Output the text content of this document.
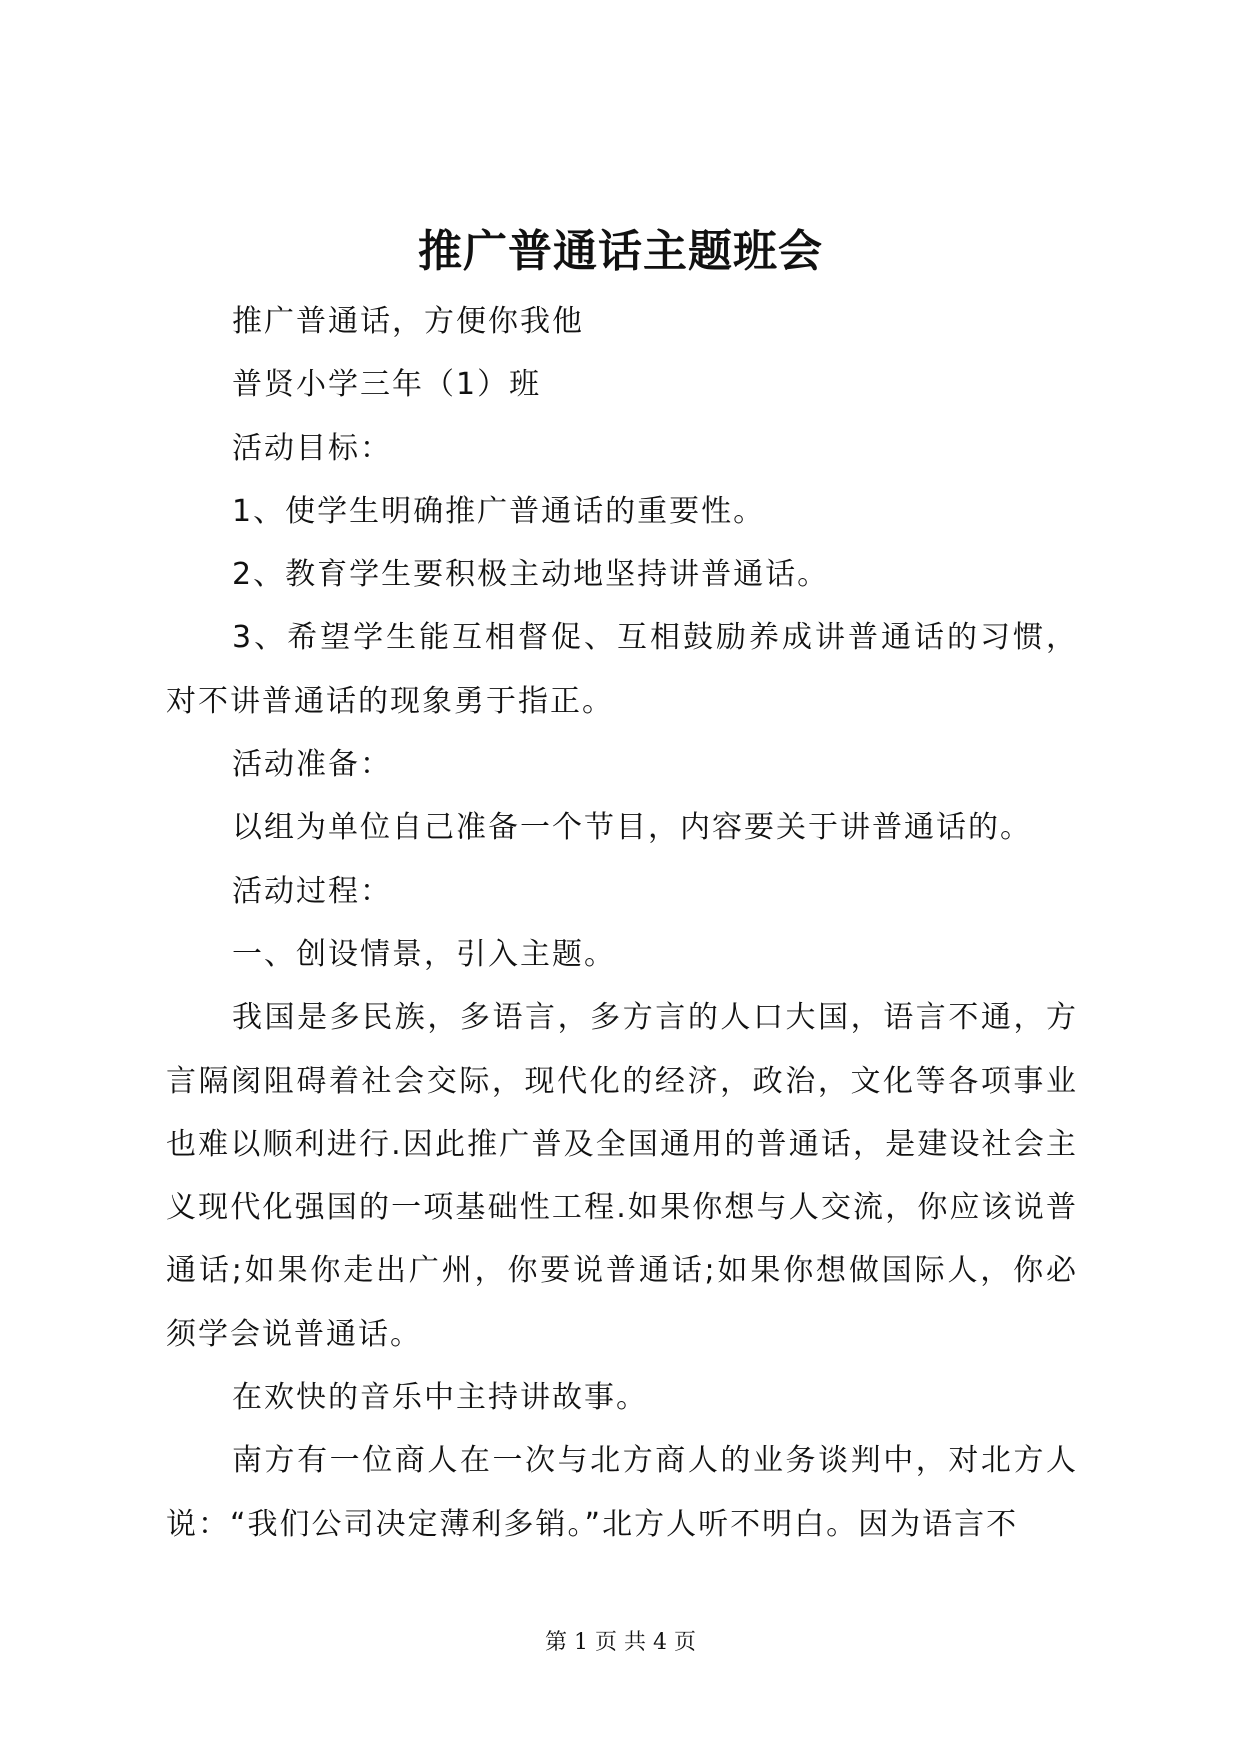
推广普通话主题班会

推广普通话，方便你我他

普贤小学三年（1）班

活动目标：

1、使学生明确推广普通话的重要性。

2、教育学生要积极主动地坚持讲普通话。

3、希望学生能互相督促、互相鼓励养成讲普通话的习惯，对不讲普通话的现象勇于指正。

活动准备：

以组为单位自己准备一个节目，内容要关于讲普通话的。

活动过程：

一、创设情景，引入主题。

我国是多民族，多语言，多方言的人口大国，语言不通，方言隔阂阻碍着社会交际，现代化的经济，政治，文化等各项事业也难以顺利进行.因此推广普及全国通用的普通话，是建设社会主义现代化强国的一项基础性工程.如果你想与人交流，你应该说普通话;如果你走出广州，你要说普通话;如果你想做国际人，你必须学会说普通话。

在欢快的音乐中主持讲故事。

南方有一位商人在一次与北方商人的业务谈判中，对北方人说：“我们公司决定薄利多销。”北方人听不明白。因为语言不

第 1 页 共 4 页
